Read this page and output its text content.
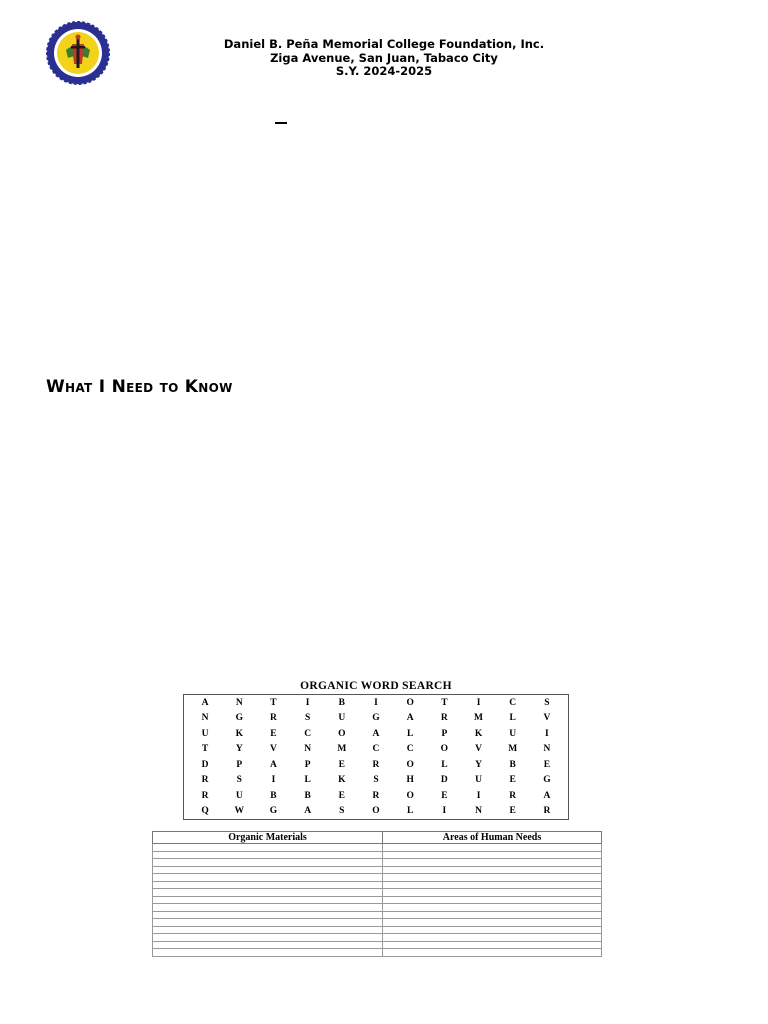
Daniel B. Peña Memorial College Foundation, Inc.
Ziga Avenue, San Juan, Tabaco City
S.Y. 2024-2025
What I Need to Know
ORGANIC WORD SEARCH
A	N	T	I	B	I	O	T	I	C	S
N	G	R	S	U	G	A	R	M	L	V
U	K	E	C	O	A	L	P	K	U	I
T	Y	V	N	M	C	C	O	V	M	N
D	P	A	P	E	R	O	L	Y	B	E
R	S	I	L	K	S	H	D	U	E	G
R	U	B	B	E	R	O	E	I	R	A
Q	W	G	A	S	O	L	I	N	E	R
Organic Materials	Areas of Human Needs
